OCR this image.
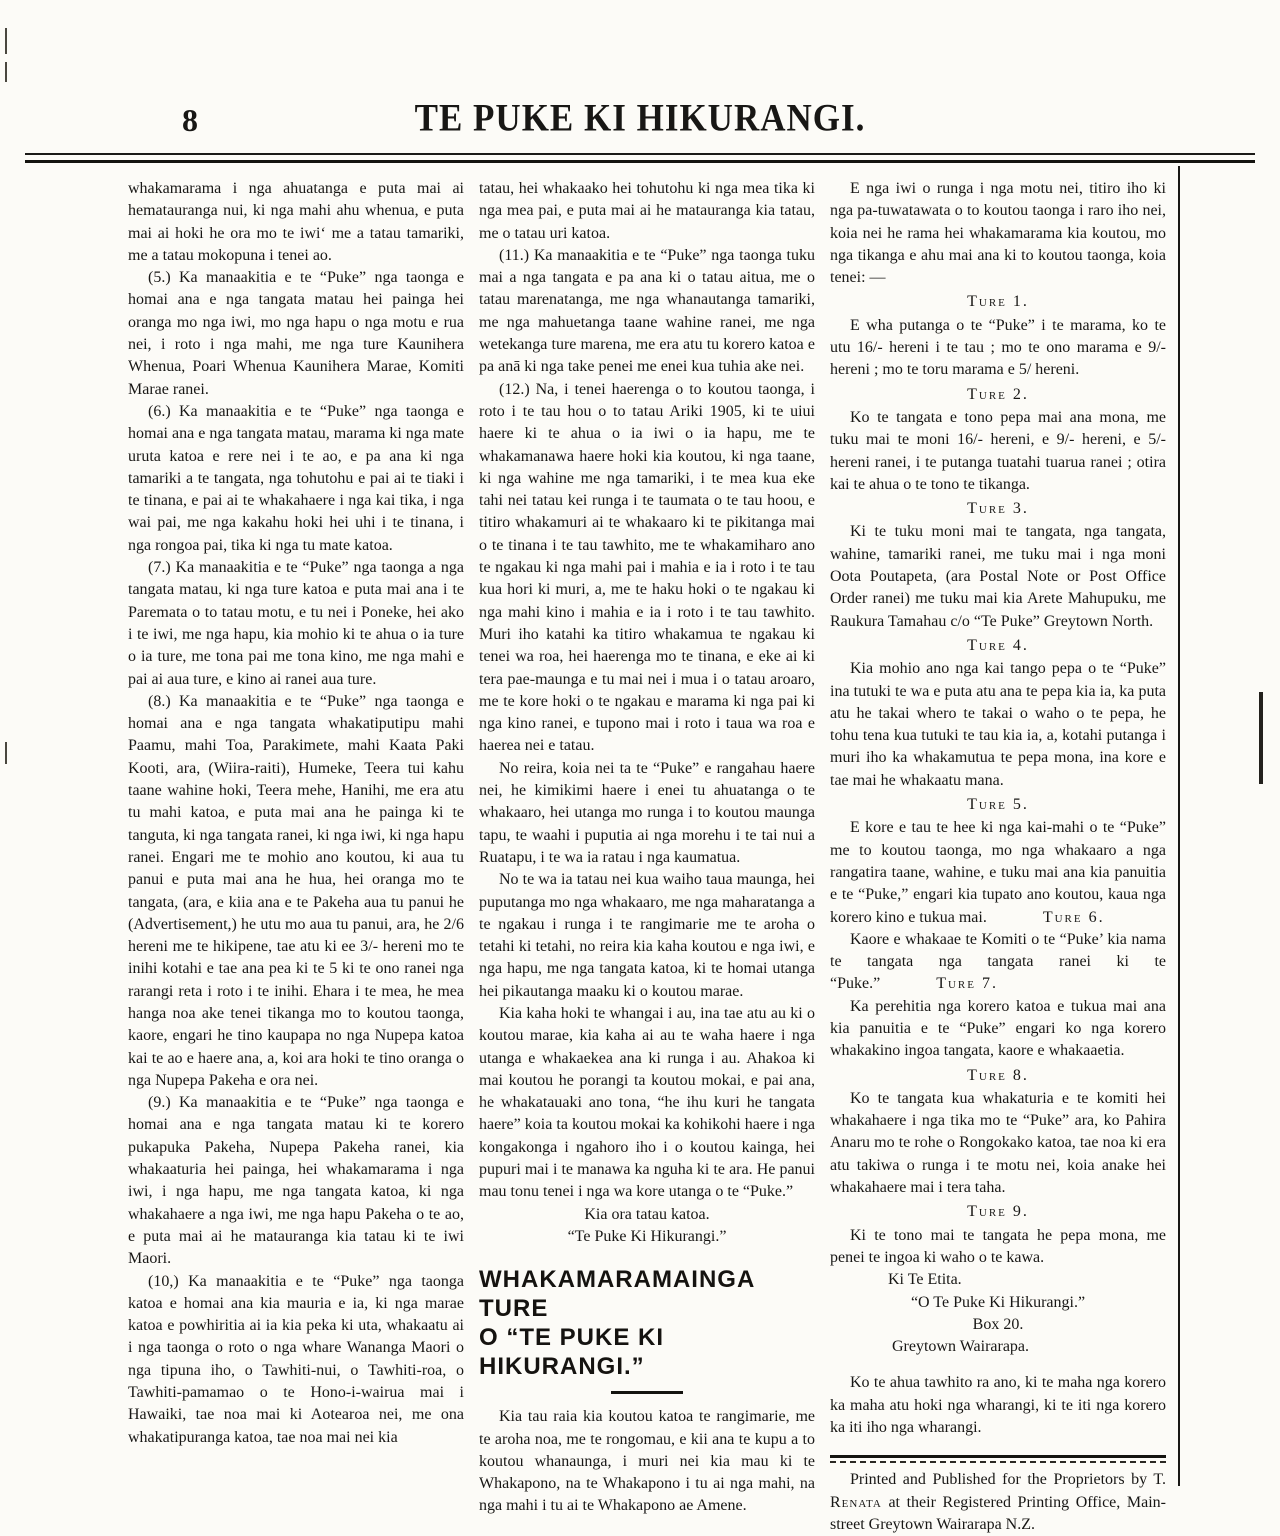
8	TE PUKE KI HIKURANGI.

whakamarama i nga ahuatanga e puta mai ai hematauranga nui, ki nga mahi ahu whenua, e puta mai ai hoki he ora mo te iwi‘ me a tatau tamariki, me a tatau mokopuna i tenei ao.

(5.) Ka manaakitia e te “Puke” nga taonga e homai ana e nga tangata matau hei painga hei oranga mo nga iwi, mo nga hapu o nga motu e rua nei, i roto i nga mahi, me nga ture Kaunihera Whenua, Poari Whenua Kaunihera Marae, Komiti Marae ranei.

(6.) Ka manaakitia e te “Puke” nga taonga e homai ana e nga tangata matau, marama ki nga mate uruta katoa e rere nei i te ao, e pa ana ki nga tamariki a te tangata, nga tohutohu e pai ai te tiaki i te tinana, e pai ai te whakahaere i nga kai tika, i nga wai pai, me nga kakahu hoki hei uhi i te tinana, i nga rongoa pai, tika ki nga tu mate katoa.

(7.) Ka manaakitia e te “Puke” nga taonga a nga tangata matau, ki nga ture katoa e puta mai ana i te Paremata o to tatau motu, e tu nei i Poneke, hei ako i te iwi, me nga hapu, kia mohio ki te ahua o ia ture o ia ture, me tona pai me tona kino, me nga mahi e pai ai aua ture, e kino ai ranei aua ture.

(8.) Ka manaakitia e te “Puke” nga taonga e homai ana e nga tangata whakatiputipu mahi Paamu, mahi Toa, Parakimete, mahi Kaata Paki Kooti, ara, (Wiira-raiti), Humeke, Teera tui kahu taane wahine hoki, Teera mehe, Hanihi, me era atu tu mahi katoa, e puta mai ana he painga ki te tanguta, ki nga tangata ranei, ki nga iwi, ki nga hapu ranei. Engari me te mohio ano koutou, ki aua tu panui e puta mai ana he hua, hei oranga mo te tangata, (ara, e kiia ana e te Pakeha aua tu panui he (Advertisement,) he utu mo aua tu panui, ara, he 2/6 hereni me te hikipene, tae atu ki ee 3/- hereni mo te inihi kotahi e tae ana pea ki te 5 ki te ono ranei nga rarangi reta i roto i te inihi. Ehara i te mea, he mea hanga noa ake tenei tikanga mo to koutou taonga, kaore, engari he tino kaupapa no nga Nupepa katoa kai te ao e haere ana, a, koi ara hoki te tino oranga o nga Nupepa Pakeha e ora nei.

(9.) Ka manaakitia e te “Puke” nga taonga e homai ana e nga tangata matau ki te korero pukapuka Pakeha, Nupepa Pakeha ranei, kia whakaaturia hei painga, hei whakamarama i nga iwi, i nga hapu, me nga tangata katoa, ki nga whakahaere a nga iwi, me nga hapu Pakeha o te ao, e puta mai ai he matauranga kia tatau ki te iwi Maori.

(10,) Ka manaakitia e te “Puke” nga taonga katoa e homai ana kia mauria e ia, ki nga marae katoa e powhiritia ai ia kia peka ki uta, whakaatu ai i nga taonga o roto o nga whare Wananga Maori o nga tipuna iho, o Tawhiti-nui, o Tawhiti-roa, o Tawhiti-pamamao o te Hono-i-wairua mai i Hawaiki, tae noa mai ki Aotearoa nei, me ona whakatipuranga katoa, tae noa mai nei kia

tatau, hei whakaako hei tohutohu ki nga mea tika ki nga mea pai, e puta mai ai he matauranga kia tatau, me o tatau uri katoa.

(11.) Ka manaakitia e te “Puke” nga taonga tuku mai a nga tangata e pa ana ki o tatau aitua, me o tatau marenatanga, me nga whanautanga tamariki, me nga mahuetanga taane wahine ranei, me nga wetekanga ture marena, me era atu tu korero katoa e pa anā ki nga take penei me enei kua tuhia ake nei.

(12.) Na, i tenei haerenga o to koutou taonga, i roto i te tau hou o to tatau Ariki 1905, ki te uiui haere ki te ahua o ia iwi o ia hapu, me te whakamanawa haere hoki kia koutou, ki nga taane, ki nga wahine me nga tamariki, i te mea kua eke tahi nei tatau kei runga i te taumata o te tau hoou, e titiro whakamuri ai te whakaaro ki te pikitanga mai o te tinana i te tau tawhito, me te whakamiharo ano te ngakau ki nga mahi pai i mahia e ia i roto i te tau kua hori ki muri, a, me te haku hoki o te ngakau ki nga mahi kino i mahia e ia i roto i te tau tawhito. Muri iho katahi ka titiro whakamua te ngakau ki tenei wa roa, hei haerenga mo te tinana, e eke ai ki tera pae-maunga e tu mai nei i mua i o tatau aroaro, me te kore hoki o te ngakau e marama ki nga pai ki nga kino ranei, e tupono mai i roto i taua wa roa e haerea nei e tatau.

No reira, koia nei ta te “Puke” e rangahau haere nei, he kimikimi haere i enei tu ahuatanga o te whakaaro, hei utanga mo runga i to koutou maunga tapu, te waahi i puputia ai nga morehu i te tai nui a Ruatapu, i te wa ia ratau i nga kaumatua.

No te wa ia tatau nei kua waiho taua maunga, hei puputanga mo nga whakaaro, me nga maharatanga a te ngakau i runga i te rangimarie me te aroha o tetahi ki tetahi, no reira kia kaha koutou e nga iwi, e nga hapu, me nga tangata katoa, ki te homai utanga hei pikautanga maaku ki o koutou marae.

Kia kaha hoki te whangai i au, ina tae atu au ki o koutou marae, kia kaha ai au te waha haere i nga utanga e whakaekea ana ki runga i au. Ahakoa ki mai koutou he porangi ta koutou mokai, e pai ana, he whakatauaki ano tona, “he ihu kuri he tangata haere” koia ta koutou mokai ka kohikohi haere i nga kongakonga i ngahoro iho i o koutou kainga, hei pupuri mai i te manawa ka nguha ki te ara. He panui mau tonu tenei i nga wa kore utanga o te “Puke.”

Kia ora tatau katoa.
“Te Puke Ki Hikurangi.”
WHAKAMARAMAINGA TURE
O “TE PUKE KI HIKURANGI.”

Kia tau raia kia koutou katoa te rangimarie, me te aroha noa, me te rongomau, e kii ana te kupu a to koutou whanaunga, i muri nei kia mau ki te Whakapono, na te Whakapono i tu ai nga mahi, na nga mahi i tu ai te Whakapono ae Amene.

E nga iwi o runga i nga motu nei, titiro iho ki nga pa-tuwatawata o to koutou taonga i raro iho nei, koia nei he rama hei whakamarama kia koutou, mo nga tikanga e ahu mai ana ki to koutou taonga, koia tenei: —

Ture 1.

E wha putanga o te “Puke” i te marama, ko te utu 16/- hereni i te tau ; mo te ono marama e 9/- hereni ; mo te toru marama e 5/ hereni.

Ture 2.

Ko te tangata e tono pepa mai ana mona, me tuku mai te moni 16/- hereni, e 9/- hereni, e 5/- hereni ranei, i te putanga tuatahi tuarua ranei ; otira kai te ahua o te tono te tikanga.

Ture 3.

Ki te tuku moni mai te tangata, nga tangata, wahine, tamariki ranei, me tuku mai i nga moni Oota Poutapeta, (ara Postal Note or Post Office Order ranei) me tuku mai kia Arete Mahupuku, me Raukura Tamahau c/o “Te Puke” Greytown North.

Ture 4.

Kia mohio ano nga kai tango pepa o te “Puke” ina tutuki te wa e puta atu ana te pepa kia ia, ka puta atu he takai whero te takai o waho o te pepa, he tohu tena kua tutuki te tau kia ia, a, kotahi putanga i muri iho ka whakamutua te pepa mona, ina kore e tae mai he whakaatu mana.

Ture 5.

E kore e tau te hee ki nga kai-mahi o te “Puke” me to koutou taonga, mo nga whakaaro a nga rangatira taane, wahine, e tuku mai ana kia panuitia e te “Puke,” engari kia tupato ano koutou, kaua nga korero kino e tukua mai.	Ture 6.

Kaore e whakaae te Komiti o te “Puke’ kia nama te tangata nga tangata ranei ki te “Puke.”	Ture 7.

Ka perehitia nga korero katoa e tukua mai ana kia panuitia e te “Puke” engari ko nga korero whakakino ingoa tangata, kaore e whakaaetia.

Ture 8.

Ko te tangata kua whakaturia e te komiti hei whakahaere i nga tika mo te “Puke” ara, ko Pahira Anaru mo te rohe o Rongokako katoa, tae noa ki era atu takiwa o runga i te motu nei, koia anake hei whakahaere mai i tera taha.

Ture 9.

Ki te tono mai te tangata he pepa mona, me penei te ingoa ki waho o te kawa.

Ki Te Etita.
“O Te Puke Ki Hikurangi.”
Box 20.
Greytown Wairarapa.

Ko te ahua tawhito ra ano, ki te maha nga korero ka maha atu hoki nga wharangi, ki te iti nga korero ka iti iho nga wharangi.

Printed and Published for the Proprietors by T. Renata at their Registered Printing Office, Main-street Greytown Wairarapa N.Z.
